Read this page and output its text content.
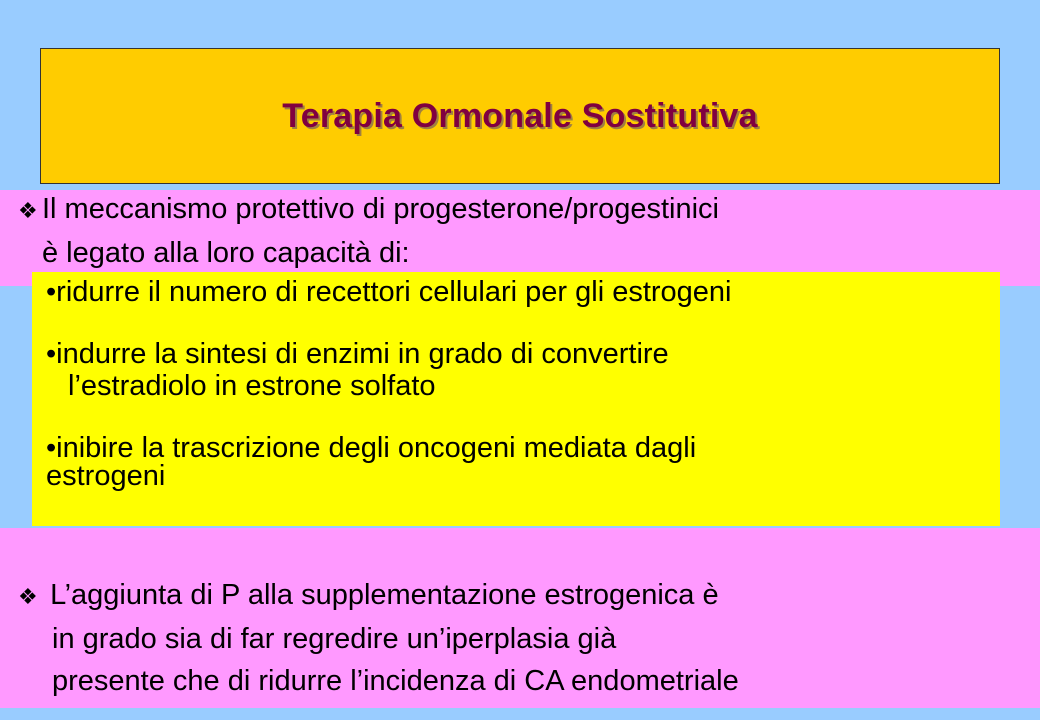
Terapia Ormonale Sostitutiva
❖ Il meccanismo protettivo di progesterone/progestinici
è legato alla loro capacità di:
•ridurre il numero di recettori cellulari per gli estrogeni
•indurre la sintesi di enzimi in grado di convertire
l’estradiolo in estrone solfato
•inibire la trascrizione degli oncogeni mediata dagli
estrogeni
❖ L’aggiunta di P alla supplementazione estrogenica è
in grado sia di far regredire un’iperplasia già
presente che di ridurre l’incidenza di CA endometriale
